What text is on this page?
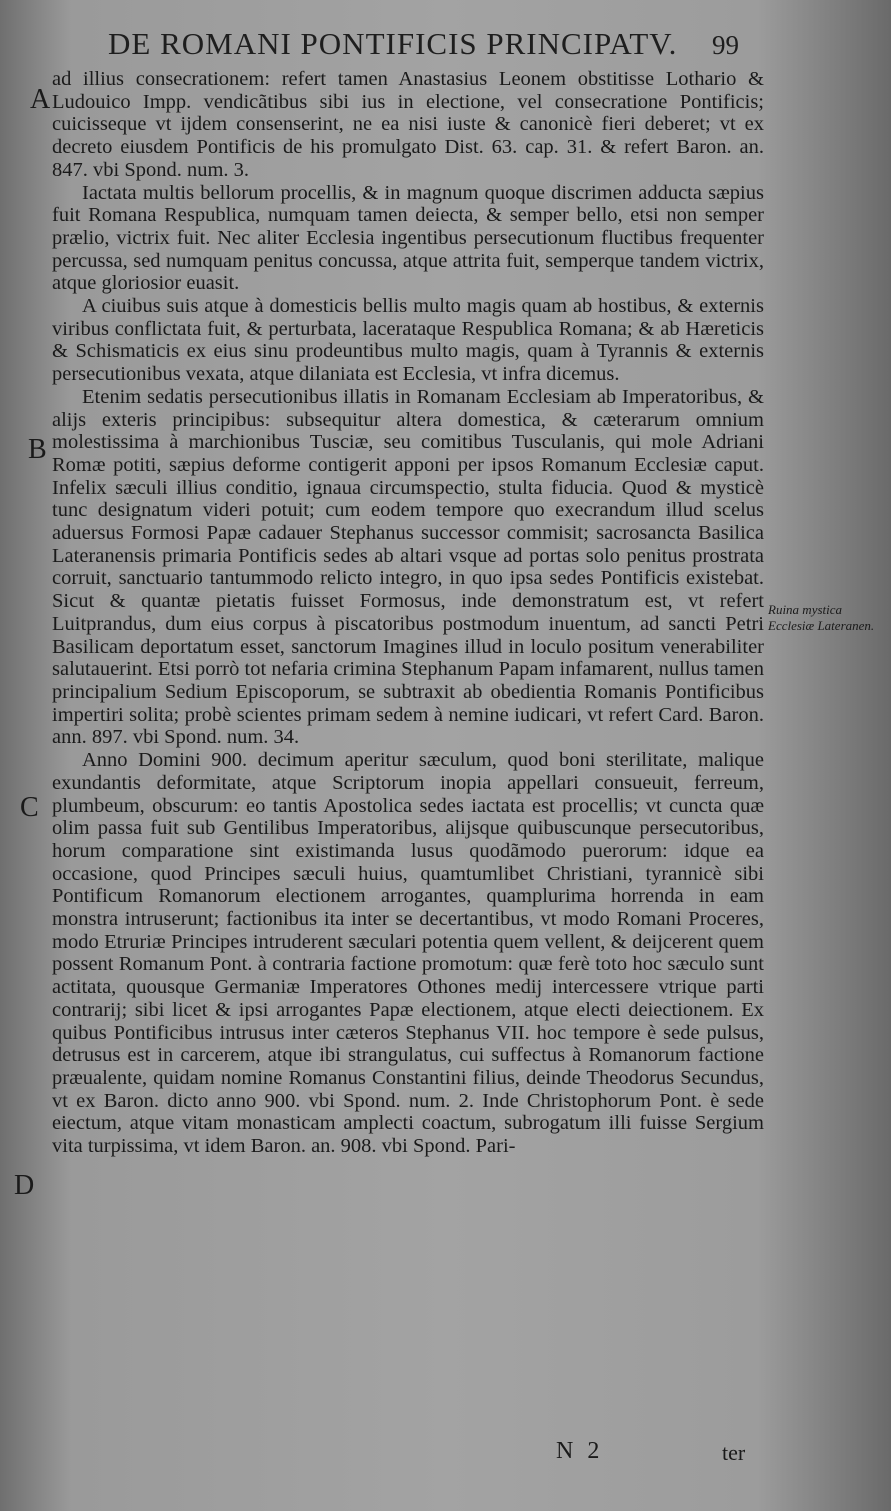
DE ROMANI PONTIFICIS PRINCIPATV.	99
A
B
C
D

ad illius consecrationem: refert tamen Anastasius Leonem obstitisse Lothario & Ludouico Impp. vendicãtibus sibi ius in electione, vel consecratione Pontificis; cuicisseque vt ijdem consenserint, ne ea nisi iuste & canonicè fieri deberet; vt ex decreto eiusdem Pontificis de his promulgato Dist. 63. cap. 31. & refert Baron. an. 847. vbi Spond. num. 3.

Iactata multis bellorum procellis, & in magnum quoque discrimen adducta sæpius fuit Romana Respublica, numquam tamen deiecta, & semper bello, etsi non semper prælio, victrix fuit. Nec aliter Ecclesia ingentibus persecutionum fluctibus frequenter percussa, sed numquam penitus concussa, atque attrita fuit, semperque tandem victrix, atque gloriosior euasit.

A ciuibus suis atque à domesticis bellis multo magis quam ab hostibus, & externis viribus conflictata fuit, & perturbata, lacerataque Respublica Romana; & ab Hæreticis & Schismaticis ex eius sinu prodeuntibus multo magis, quam à Tyrannis & externis persecutionibus vexata, atque dilaniata est Ecclesia, vt infra dicemus.

Etenim sedatis persecutionibus illatis in Romanam Ecclesiam ab Imperatoribus, & alijs exteris principibus: subsequitur altera domestica, & cæterarum omnium molestissima à marchionibus Tusciæ, seu comitibus Tusculanis, qui mole Adriani Romæ potiti, sæpius deforme contigerit apponi per ipsos Romanum Ecclesiæ caput. Infelix sæculi illius conditio, ignaua circumspectio, stulta fiducia. Quod & mysticè tunc designatum videri potuit; cum eodem tempore quo execrandum illud scelus aduersus Formosi Papæ cadauer Stephanus successor commisit; sacrosancta Basilica Lateranensis primaria Pontificis sedes ab altari vsque ad portas solo penitus prostrata corruit, sanctuario tantummodo relicto integro, in quo ipsa sedes Pontificis existebat. Sicut & quantæ pietatis fuisset Formosus, inde demonstratum est, vt refert Luitprandus, dum eius corpus à piscatoribus postmodum inuentum, ad sancti Petri Basilicam deportatum esset, sanctorum Imagines illud in loculo positum venerabiliter salutauerint. Etsi porrò tot nefaria crimina Stephanum Papam infamarent, nullus tamen principalium Sedium Episcoporum, se subtraxit ab obedientia Romanis Pontificibus impertiri solita; probè scientes primam sedem à nemine iudicari, vt refert Card. Baron. ann. 897. vbi Spond. num. 34.

Anno Domini 900. decimum aperitur sæculum, quod boni sterilitate, malique exundantis deformitate, atque Scriptorum inopia appellari consueuit, ferreum, plumbeum, obscurum: eo tantis Apostolica sedes iactata est procellis; vt cuncta quæ olim passa fuit sub Gentilibus Imperatoribus, alijsque quibuscunque persecutoribus, horum comparatione sint existimanda lusus quodãmodo puerorum: idque ea occasione, quod Principes sæculi huius, quamtumlibet Christiani, tyrannicè sibi Pontificum Romanorum electionem arrogantes, quamplurima horrenda in eam monstra intruserunt; factionibus ita inter se decertantibus, vt modo Romani Proceres, modo Etruriæ Principes intruderent sæculari potentia quem vellent, & deijcerent quem possent Romanum Pont. à contraria factione promotum: quæ ferè toto hoc sæculo sunt actitata, quousque Germaniæ Imperatores Othones medij intercessere vtrique parti contrarij; sibi licet & ipsi arrogantes Papæ electionem, atque electi deiectionem. Ex quibus Pontificibus intrusus inter cæteros Stephanus VII. hoc tempore è sede pulsus, detrusus est in carcerem, atque ibi strangulatus, cui suffectus à Romanorum factione præualente, quidam nomine Romanus Constantini filius, deinde Theodorus Secundus, vt ex Baron. dicto anno 900. vbi Spond. num. 2. Inde Christophorum Pont. è sede eiectum, atque vitam monasticam amplecti coactum, subrogatum illi fuisse Sergium vita turpissima, vt idem Baron. an. 908. vbi Spond. Pari-

Ruina mystica Ecclesiæ Lateranen.
N 2	ter
